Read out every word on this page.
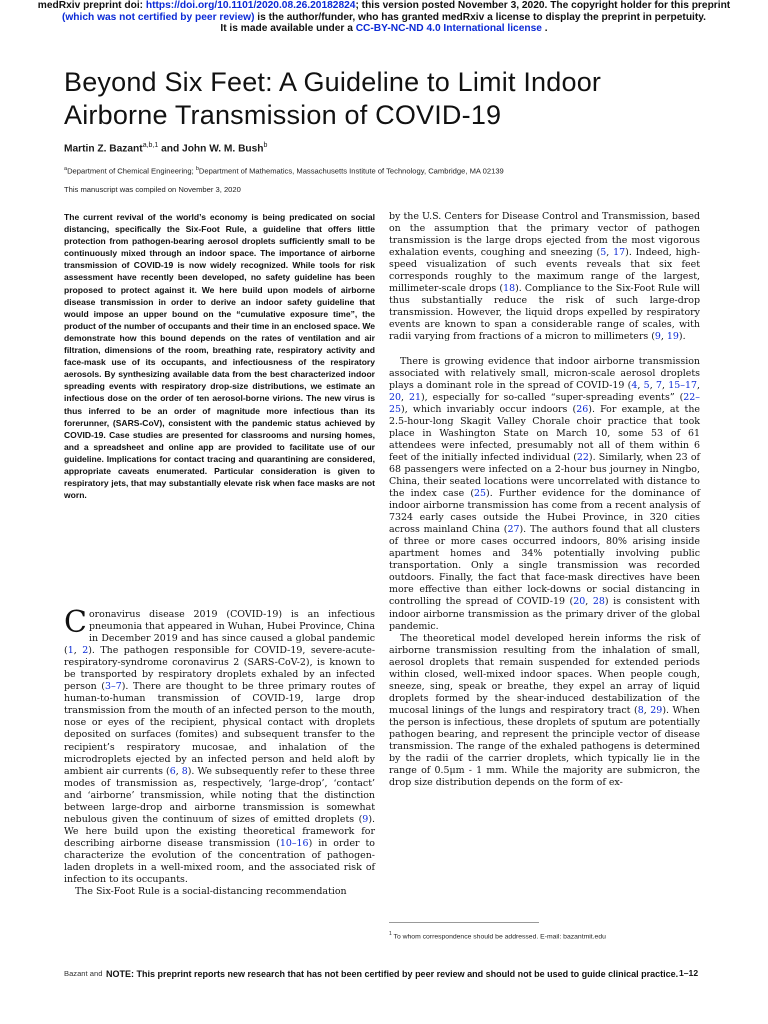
medRxiv preprint doi: https://doi.org/10.1101/2020.08.26.20182824; this version posted November 3, 2020. The copyright holder for this preprint
(which was not certified by peer review) is the author/funder, who has granted medRxiv a license to display the preprint in perpetuity.
It is made available under a CC-BY-NC-ND 4.0 International license .
Beyond Six Feet: A Guideline to Limit Indoor
Airborne Transmission of COVID-19
Martin Z. Bazant$^{a,b,1}$ and John W. M. Bush$^b$
$^a$Department of Chemical Engineering; $^b$Department of Mathematics, Massachusetts Institute of Technology, Cambridge, MA 02139
This manuscript was compiled on November 3, 2020

The current revival of the world’s economy is being predicated on social distancing, specifically the Six-Foot Rule, a guideline that offers little protection from pathogen-bearing aerosol droplets sufficiently small to be continuously mixed through an indoor space. The importance of airborne transmission of COVID-19 is now widely recognized. While tools for risk assessment have recently been developed, no safety guideline has been proposed to protect against it. We here build upon models of airborne disease transmission in order to derive an indoor safety guideline that would impose an upper bound on the “cumulative exposure time”, the product of the number of occupants and their time in an enclosed space. We demonstrate how this bound depends on the rates of ventilation and air filtration, dimensions of the room, breathing rate, respiratory activity and face-mask use of its occupants, and infectiousness of the respiratory aerosols. By synthesizing available data from the best characterized indoor spreading events with respiratory drop-size distributions, we estimate an infectious dose on the order of ten aerosol-borne virions. The new virus is thus inferred to be an order of magnitude more infectious than its forerunner, (SARS-CoV), consistent with the pandemic status achieved by COVID-19. Case studies are presented for classrooms and nursing homes, and a spreadsheet and online app are provided to facilitate use of our guideline. Implications for contact tracing and quarantining are considered, appropriate caveats enumerated. Particular consideration is given to respiratory jets, that may substantially elevate risk when face masks are not worn.

Coronavirus disease 2019 (COVID-19) is an infectious pneumonia that appeared in Wuhan, Hubei Province, China in December 2019 and has since caused a global pandemic (1, 2). The pathogen responsible for COVID-19, severe-acute-respiratory-syndrome coronavirus 2 (SARS-CoV-2), is known to be transported by respiratory droplets exhaled by an infected person (3–7). There are thought to be three primary routes of human-to-human transmission of COVID-19, large drop transmission from the mouth of an infected person to the mouth, nose or eyes of the recipient, physical contact with droplets deposited on surfaces (fomites) and subsequent transfer to the recipient’s respiratory mucosae, and inhalation of the microdroplets ejected by an infected person and held aloft by ambient air currents (6, 8). We subsequently refer to these three modes of transmission as, respectively, ‘large-drop’, ‘contact’ and ‘airborne’ transmission, while noting that the distinction between large-drop and airborne transmission is somewhat nebulous given the continuum of sizes of emitted droplets (9). We here build upon the existing theoretical framework for describing airborne disease transmission (10–16) in order to characterize the evolution of the concentration of pathogen-laden droplets in a well-mixed room, and the associated risk of infection to its occupants.

The Six-Foot Rule is a social-distancing recommendation

by the U.S. Centers for Disease Control and Transmission, based on the assumption that the primary vector of pathogen transmission is the large drops ejected from the most vigorous exhalation events, coughing and sneezing (5, 17). Indeed, high-speed visualization of such events reveals that six feet corresponds roughly to the maximum range of the largest, millimeter-scale drops (18). Compliance to the Six-Foot Rule will thus substantially reduce the risk of such large-drop transmission. However, the liquid drops expelled by respiratory events are known to span a considerable range of scales, with radii varying from fractions of a micron to millimeters (9, 19).

There is growing evidence that indoor airborne transmission associated with relatively small, micron-scale aerosol droplets plays a dominant role in the spread of COVID-19 (4, 5, 7, 15–17, 20, 21), especially for so-called “super-spreading events” (22–25), which invariably occur indoors (26). For example, at the 2.5-hour-long Skagit Valley Chorale choir practice that took place in Washington State on March 10, some 53 of 61 attendees were infected, presumably not all of them within 6 feet of the initially infected individual (22). Similarly, when 23 of 68 passengers were infected on a 2-hour bus journey in Ningbo, China, their seated locations were uncorrelated with distance to the index case (25). Further evidence for the dominance of indoor airborne transmission has come from a recent analysis of 7324 early cases outside the Hubei Province, in 320 cities across mainland China (27). The authors found that all clusters of three or more cases occurred indoors, 80% arising inside apartment homes and 34% potentially involving public transportation. Only a single transmission was recorded outdoors. Finally, the fact that face-mask directives have been more effective than either lock-downs or social distancing in controlling the spread of COVID-19 (20, 28) is consistent with indoor airborne transmission as the primary driver of the global pandemic.

The theoretical model developed herein informs the risk of airborne transmission resulting from the inhalation of small, aerosol droplets that remain suspended for extended periods within closed, well-mixed indoor spaces. When people cough, sneeze, sing, speak or breathe, they expel an array of liquid droplets formed by the shear-induced destabilization of the mucosal linings of the lungs and respiratory tract (8, 29). When the person is infectious, these droplets of sputum are potentially pathogen bearing, and represent the principle vector of disease transmission. The range of the exhaled pathogens is determined by the radii of the carrier droplets, which typically lie in the range of 0.5μm - 1 mm. While the majority are submicron, the drop size distribution depends on the form of ex-

$^1$ To whom correspondence should be addressed. E-mail: bazantmit.edu
Bazant and NOTE: This preprint reports new research that has not been certified by peer review and should not be used to guide clinical practice. 1–12
